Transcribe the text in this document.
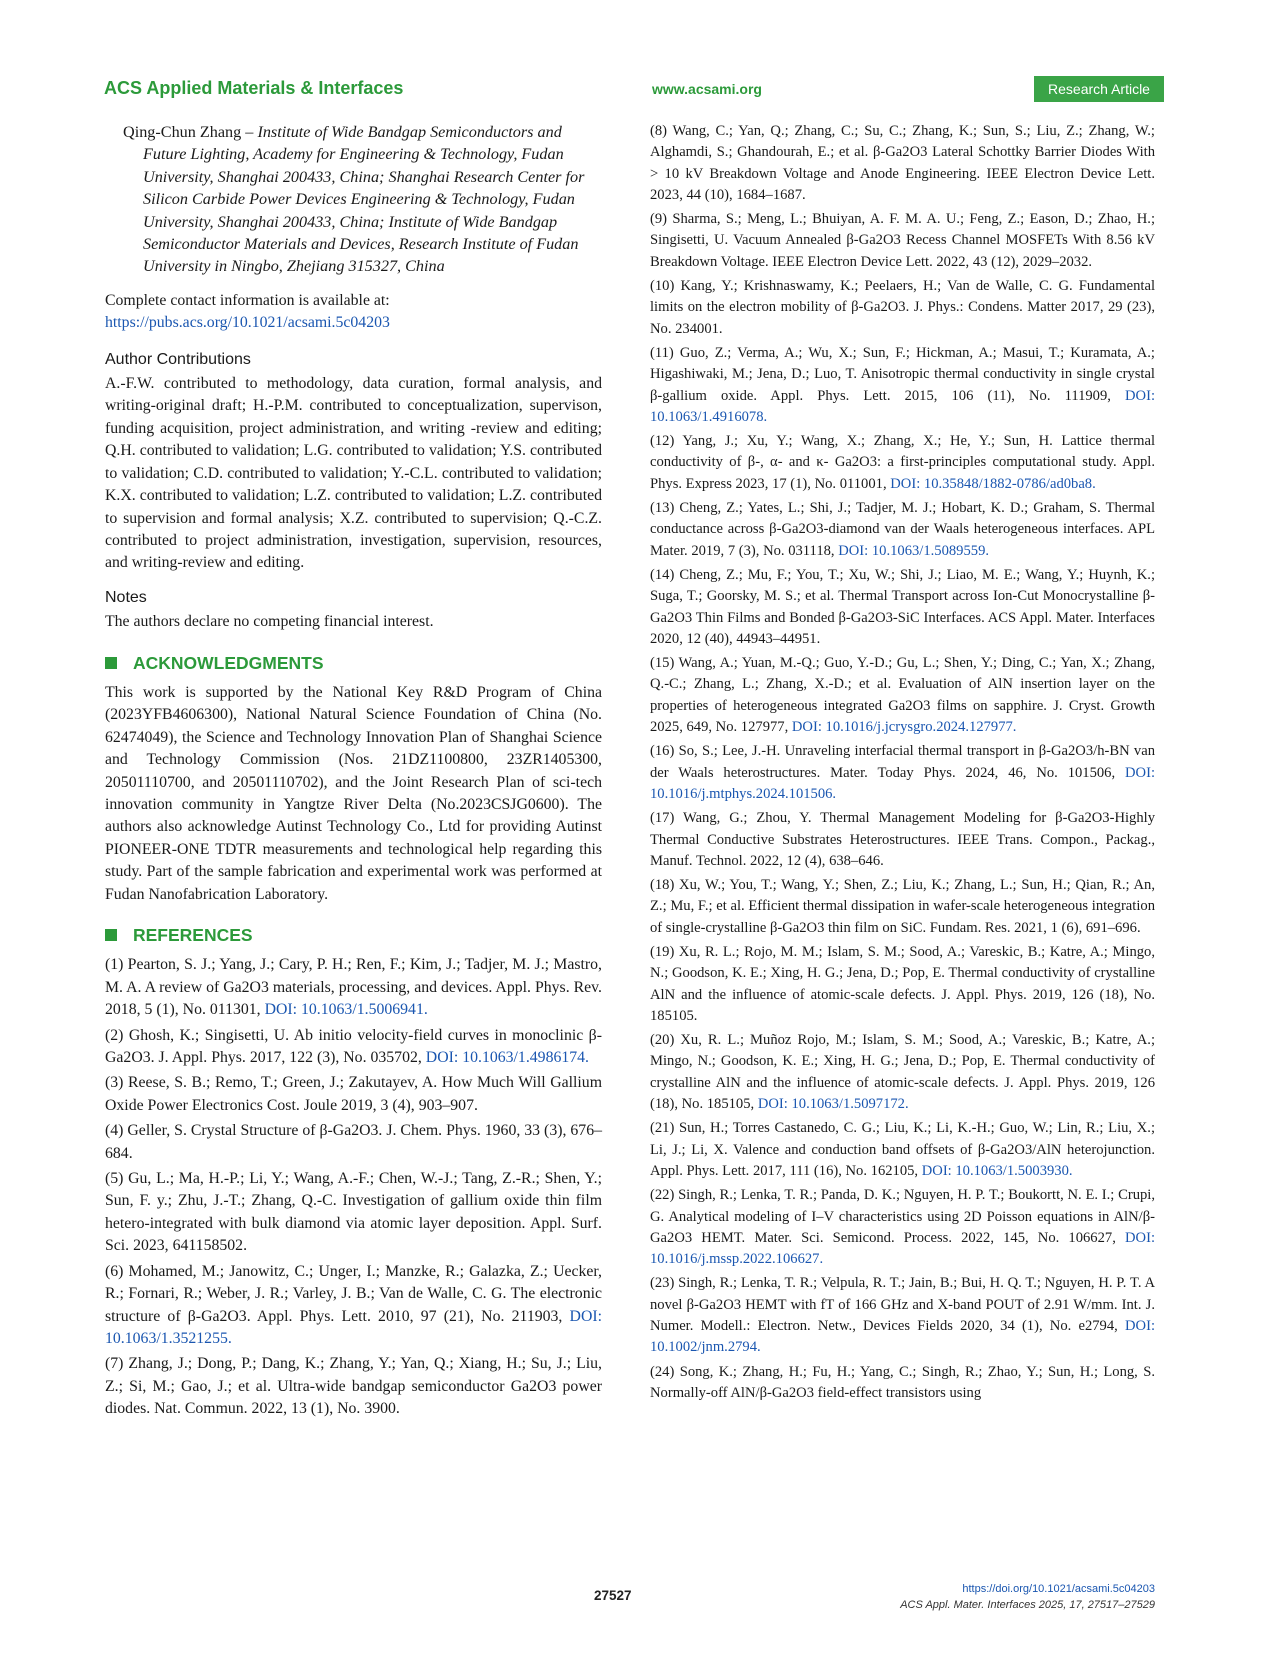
ACS Applied Materials & Interfaces	www.acsami.org	Research Article

Qing-Chun Zhang – Institute of Wide Bandgap Semiconductors and Future Lighting, Academy for Engineering & Technology, Fudan University, Shanghai 200433, China; Shanghai Research Center for Silicon Carbide Power Devices Engineering & Technology, Fudan University, Shanghai 200433, China; Institute of Wide Bandgap Semiconductor Materials and Devices, Research Institute of Fudan University in Ningbo, Zhejiang 315327, China

Complete contact information is available at:

https://pubs.acs.org/10.1021/acsami.5c04203

Author Contributions

A.-F.W. contributed to methodology, data curation, formal analysis, and writing-original draft; H.-P.M. contributed to conceptualization, supervison, funding acquisition, project administration, and writing -review and editing; Q.H. contributed to validation; L.G. contributed to validation; Y.S. contributed to validation; C.D. contributed to validation; Y.-C.L. contributed to validation; K.X. contributed to validation; L.Z. contributed to validation; L.Z. contributed to supervision and formal analysis; X.Z. contributed to supervision; Q.-C.Z. contributed to project administration, investigation, supervision, resources, and writing-review and editing.

Notes

The authors declare no competing financial interest.

ACKNOWLEDGMENTS

This work is supported by the National Key R&D Program of China (2023YFB4606300), National Natural Science Foundation of China (No. 62474049), the Science and Technology Innovation Plan of Shanghai Science and Technology Commission (Nos. 21DZ1100800, 23ZR1405300, 20501110700, and 20501110702), and the Joint Research Plan of sci-tech innovation community in Yangtze River Delta (No.2023CSJG0600). The authors also acknowledge Autinst Technology Co., Ltd for providing Autinst PIONEER-ONE TDTR measurements and technological help regarding this study. Part of the sample fabrication and experimental work was performed at Fudan Nanofabrication Laboratory.

REFERENCES

(1) Pearton, S. J.; Yang, J.; Cary, P. H.; Ren, F.; Kim, J.; Tadjer, M. J.; Mastro, M. A. A review of Ga2O3 materials, processing, and devices. Appl. Phys. Rev. 2018, 5 (1), No. 011301, DOI: 10.1063/1.5006941.

(2) Ghosh, K.; Singisetti, U. Ab initio velocity-field curves in monoclinic β-Ga2O3. J. Appl. Phys. 2017, 122 (3), No. 035702, DOI: 10.1063/1.4986174.

(3) Reese, S. B.; Remo, T.; Green, J.; Zakutayev, A. How Much Will Gallium Oxide Power Electronics Cost. Joule 2019, 3 (4), 903–907.

(4) Geller, S. Crystal Structure of β-Ga2O3. J. Chem. Phys. 1960, 33 (3), 676–684.

(5) Gu, L.; Ma, H.-P.; Li, Y.; Wang, A.-F.; Chen, W.-J.; Tang, Z.-R.; Shen, Y.; Sun, F. y.; Zhu, J.-T.; Zhang, Q.-C. Investigation of gallium oxide thin film hetero-integrated with bulk diamond via atomic layer deposition. Appl. Surf. Sci. 2023, 641158502.

(6) Mohamed, M.; Janowitz, C.; Unger, I.; Manzke, R.; Galazka, Z.; Uecker, R.; Fornari, R.; Weber, J. R.; Varley, J. B.; Van de Walle, C. G. The electronic structure of β-Ga2O3. Appl. Phys. Lett. 2010, 97 (21), No. 211903, DOI: 10.1063/1.3521255.

(7) Zhang, J.; Dong, P.; Dang, K.; Zhang, Y.; Yan, Q.; Xiang, H.; Su, J.; Liu, Z.; Si, M.; Gao, J.; et al. Ultra-wide bandgap semiconductor Ga2O3 power diodes. Nat. Commun. 2022, 13 (1), No. 3900.

(8) Wang, C.; Yan, Q.; Zhang, C.; Su, C.; Zhang, K.; Sun, S.; Liu, Z.; Zhang, W.; Alghamdi, S.; Ghandourah, E.; et al. β-Ga2O3 Lateral Schottky Barrier Diodes With > 10 kV Breakdown Voltage and Anode Engineering. IEEE Electron Device Lett. 2023, 44 (10), 1684–1687.

(9) Sharma, S.; Meng, L.; Bhuiyan, A. F. M. A. U.; Feng, Z.; Eason, D.; Zhao, H.; Singisetti, U. Vacuum Annealed β-Ga2O3 Recess Channel MOSFETs With 8.56 kV Breakdown Voltage. IEEE Electron Device Lett. 2022, 43 (12), 2029–2032.

(10) Kang, Y.; Krishnaswamy, K.; Peelaers, H.; Van de Walle, C. G. Fundamental limits on the electron mobility of β-Ga2O3. J. Phys.: Condens. Matter 2017, 29 (23), No. 234001.

(11) Guo, Z.; Verma, A.; Wu, X.; Sun, F.; Hickman, A.; Masui, T.; Kuramata, A.; Higashiwaki, M.; Jena, D.; Luo, T. Anisotropic thermal conductivity in single crystal β-gallium oxide. Appl. Phys. Lett. 2015, 106 (11), No. 111909, DOI: 10.1063/1.4916078.

(12) Yang, J.; Xu, Y.; Wang, X.; Zhang, X.; He, Y.; Sun, H. Lattice thermal conductivity of β-, α- and κ- Ga2O3: a first-principles computational study. Appl. Phys. Express 2023, 17 (1), No. 011001, DOI: 10.35848/1882-0786/ad0ba8.

(13) Cheng, Z.; Yates, L.; Shi, J.; Tadjer, M. J.; Hobart, K. D.; Graham, S. Thermal conductance across β-Ga2O3-diamond van der Waals heterogeneous interfaces. APL Mater. 2019, 7 (3), No. 031118, DOI: 10.1063/1.5089559.

(14) Cheng, Z.; Mu, F.; You, T.; Xu, W.; Shi, J.; Liao, M. E.; Wang, Y.; Huynh, K.; Suga, T.; Goorsky, M. S.; et al. Thermal Transport across Ion-Cut Monocrystalline β-Ga2O3 Thin Films and Bonded β-Ga2O3-SiC Interfaces. ACS Appl. Mater. Interfaces 2020, 12 (40), 44943–44951.

(15) Wang, A.; Yuan, M.-Q.; Guo, Y.-D.; Gu, L.; Shen, Y.; Ding, C.; Yan, X.; Zhang, Q.-C.; Zhang, L.; Zhang, X.-D.; et al. Evaluation of AlN insertion layer on the properties of heterogeneous integrated Ga2O3 films on sapphire. J. Cryst. Growth 2025, 649, No. 127977, DOI: 10.1016/j.jcrysgro.2024.127977.

(16) So, S.; Lee, J.-H. Unraveling interfacial thermal transport in β-Ga2O3/h-BN van der Waals heterostructures. Mater. Today Phys. 2024, 46, No. 101506, DOI: 10.1016/j.mtphys.2024.101506.

(17) Wang, G.; Zhou, Y. Thermal Management Modeling for β-Ga2O3-Highly Thermal Conductive Substrates Heterostructures. IEEE Trans. Compon., Packag., Manuf. Technol. 2022, 12 (4), 638–646.

(18) Xu, W.; You, T.; Wang, Y.; Shen, Z.; Liu, K.; Zhang, L.; Sun, H.; Qian, R.; An, Z.; Mu, F.; et al. Efficient thermal dissipation in wafer-scale heterogeneous integration of single-crystalline β-Ga2O3 thin film on SiC. Fundam. Res. 2021, 1 (6), 691–696.

(19) Xu, R. L.; Rojo, M. M.; Islam, S. M.; Sood, A.; Vareskic, B.; Katre, A.; Mingo, N.; Goodson, K. E.; Xing, H. G.; Jena, D.; Pop, E. Thermal conductivity of crystalline AlN and the influence of atomic-scale defects. J. Appl. Phys. 2019, 126 (18), No. 185105.

(20) Xu, R. L.; Muñoz Rojo, M.; Islam, S. M.; Sood, A.; Vareskic, B.; Katre, A.; Mingo, N.; Goodson, K. E.; Xing, H. G.; Jena, D.; Pop, E. Thermal conductivity of crystalline AlN and the influence of atomic-scale defects. J. Appl. Phys. 2019, 126 (18), No. 185105, DOI: 10.1063/1.5097172.

(21) Sun, H.; Torres Castanedo, C. G.; Liu, K.; Li, K.-H.; Guo, W.; Lin, R.; Liu, X.; Li, J.; Li, X. Valence and conduction band offsets of β-Ga2O3/AlN heterojunction. Appl. Phys. Lett. 2017, 111 (16), No. 162105, DOI: 10.1063/1.5003930.

(22) Singh, R.; Lenka, T. R.; Panda, D. K.; Nguyen, H. P. T.; Boukortt, N. E. I.; Crupi, G. Analytical modeling of I–V characteristics using 2D Poisson equations in AlN/β-Ga2O3 HEMT. Mater. Sci. Semicond. Process. 2022, 145, No. 106627, DOI: 10.1016/j.mssp.2022.106627.

(23) Singh, R.; Lenka, T. R.; Velpula, R. T.; Jain, B.; Bui, H. Q. T.; Nguyen, H. P. T. A novel β-Ga2O3 HEMT with fT of 166 GHz and X-band POUT of 2.91 W/mm. Int. J. Numer. Modell.: Electron. Netw., Devices Fields 2020, 34 (1), No. e2794, DOI: 10.1002/jnm.2794.

(24) Song, K.; Zhang, H.; Fu, H.; Yang, C.; Singh, R.; Zhao, Y.; Sun, H.; Long, S. Normally-off AlN/β-Ga2O3 field-effect transistors using

27527	https://doi.org/10.1021/acsami.5c04203
ACS Appl. Mater. Interfaces 2025, 17, 27517–27529
